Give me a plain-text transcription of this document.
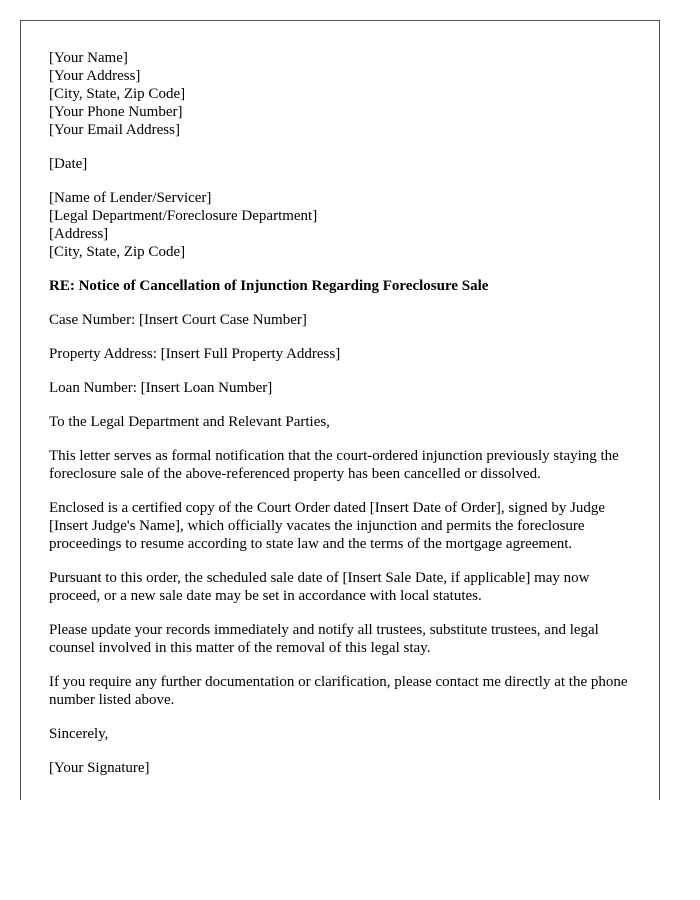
[Your Name]
[Your Address]
[City, State, Zip Code]
[Your Phone Number]
[Your Email Address]
[Date]
[Name of Lender/Servicer]
[Legal Department/Foreclosure Department]
[Address]
[City, State, Zip Code]
RE: Notice of Cancellation of Injunction Regarding Foreclosure Sale
Case Number: [Insert Court Case Number]
Property Address: [Insert Full Property Address]
Loan Number: [Insert Loan Number]
To the Legal Department and Relevant Parties,
This letter serves as formal notification that the court-ordered injunction previously staying the foreclosure sale of the above-referenced property has been cancelled or dissolved.
Enclosed is a certified copy of the Court Order dated [Insert Date of Order], signed by Judge [Insert Judge's Name], which officially vacates the injunction and permits the foreclosure proceedings to resume according to state law and the terms of the mortgage agreement.
Pursuant to this order, the scheduled sale date of [Insert Sale Date, if applicable] may now proceed, or a new sale date may be set in accordance with local statutes.
Please update your records immediately and notify all trustees, substitute trustees, and legal counsel involved in this matter of the removal of this legal stay.
If you require any further documentation or clarification, please contact me directly at the phone number listed above.
Sincerely,
[Your Signature]
